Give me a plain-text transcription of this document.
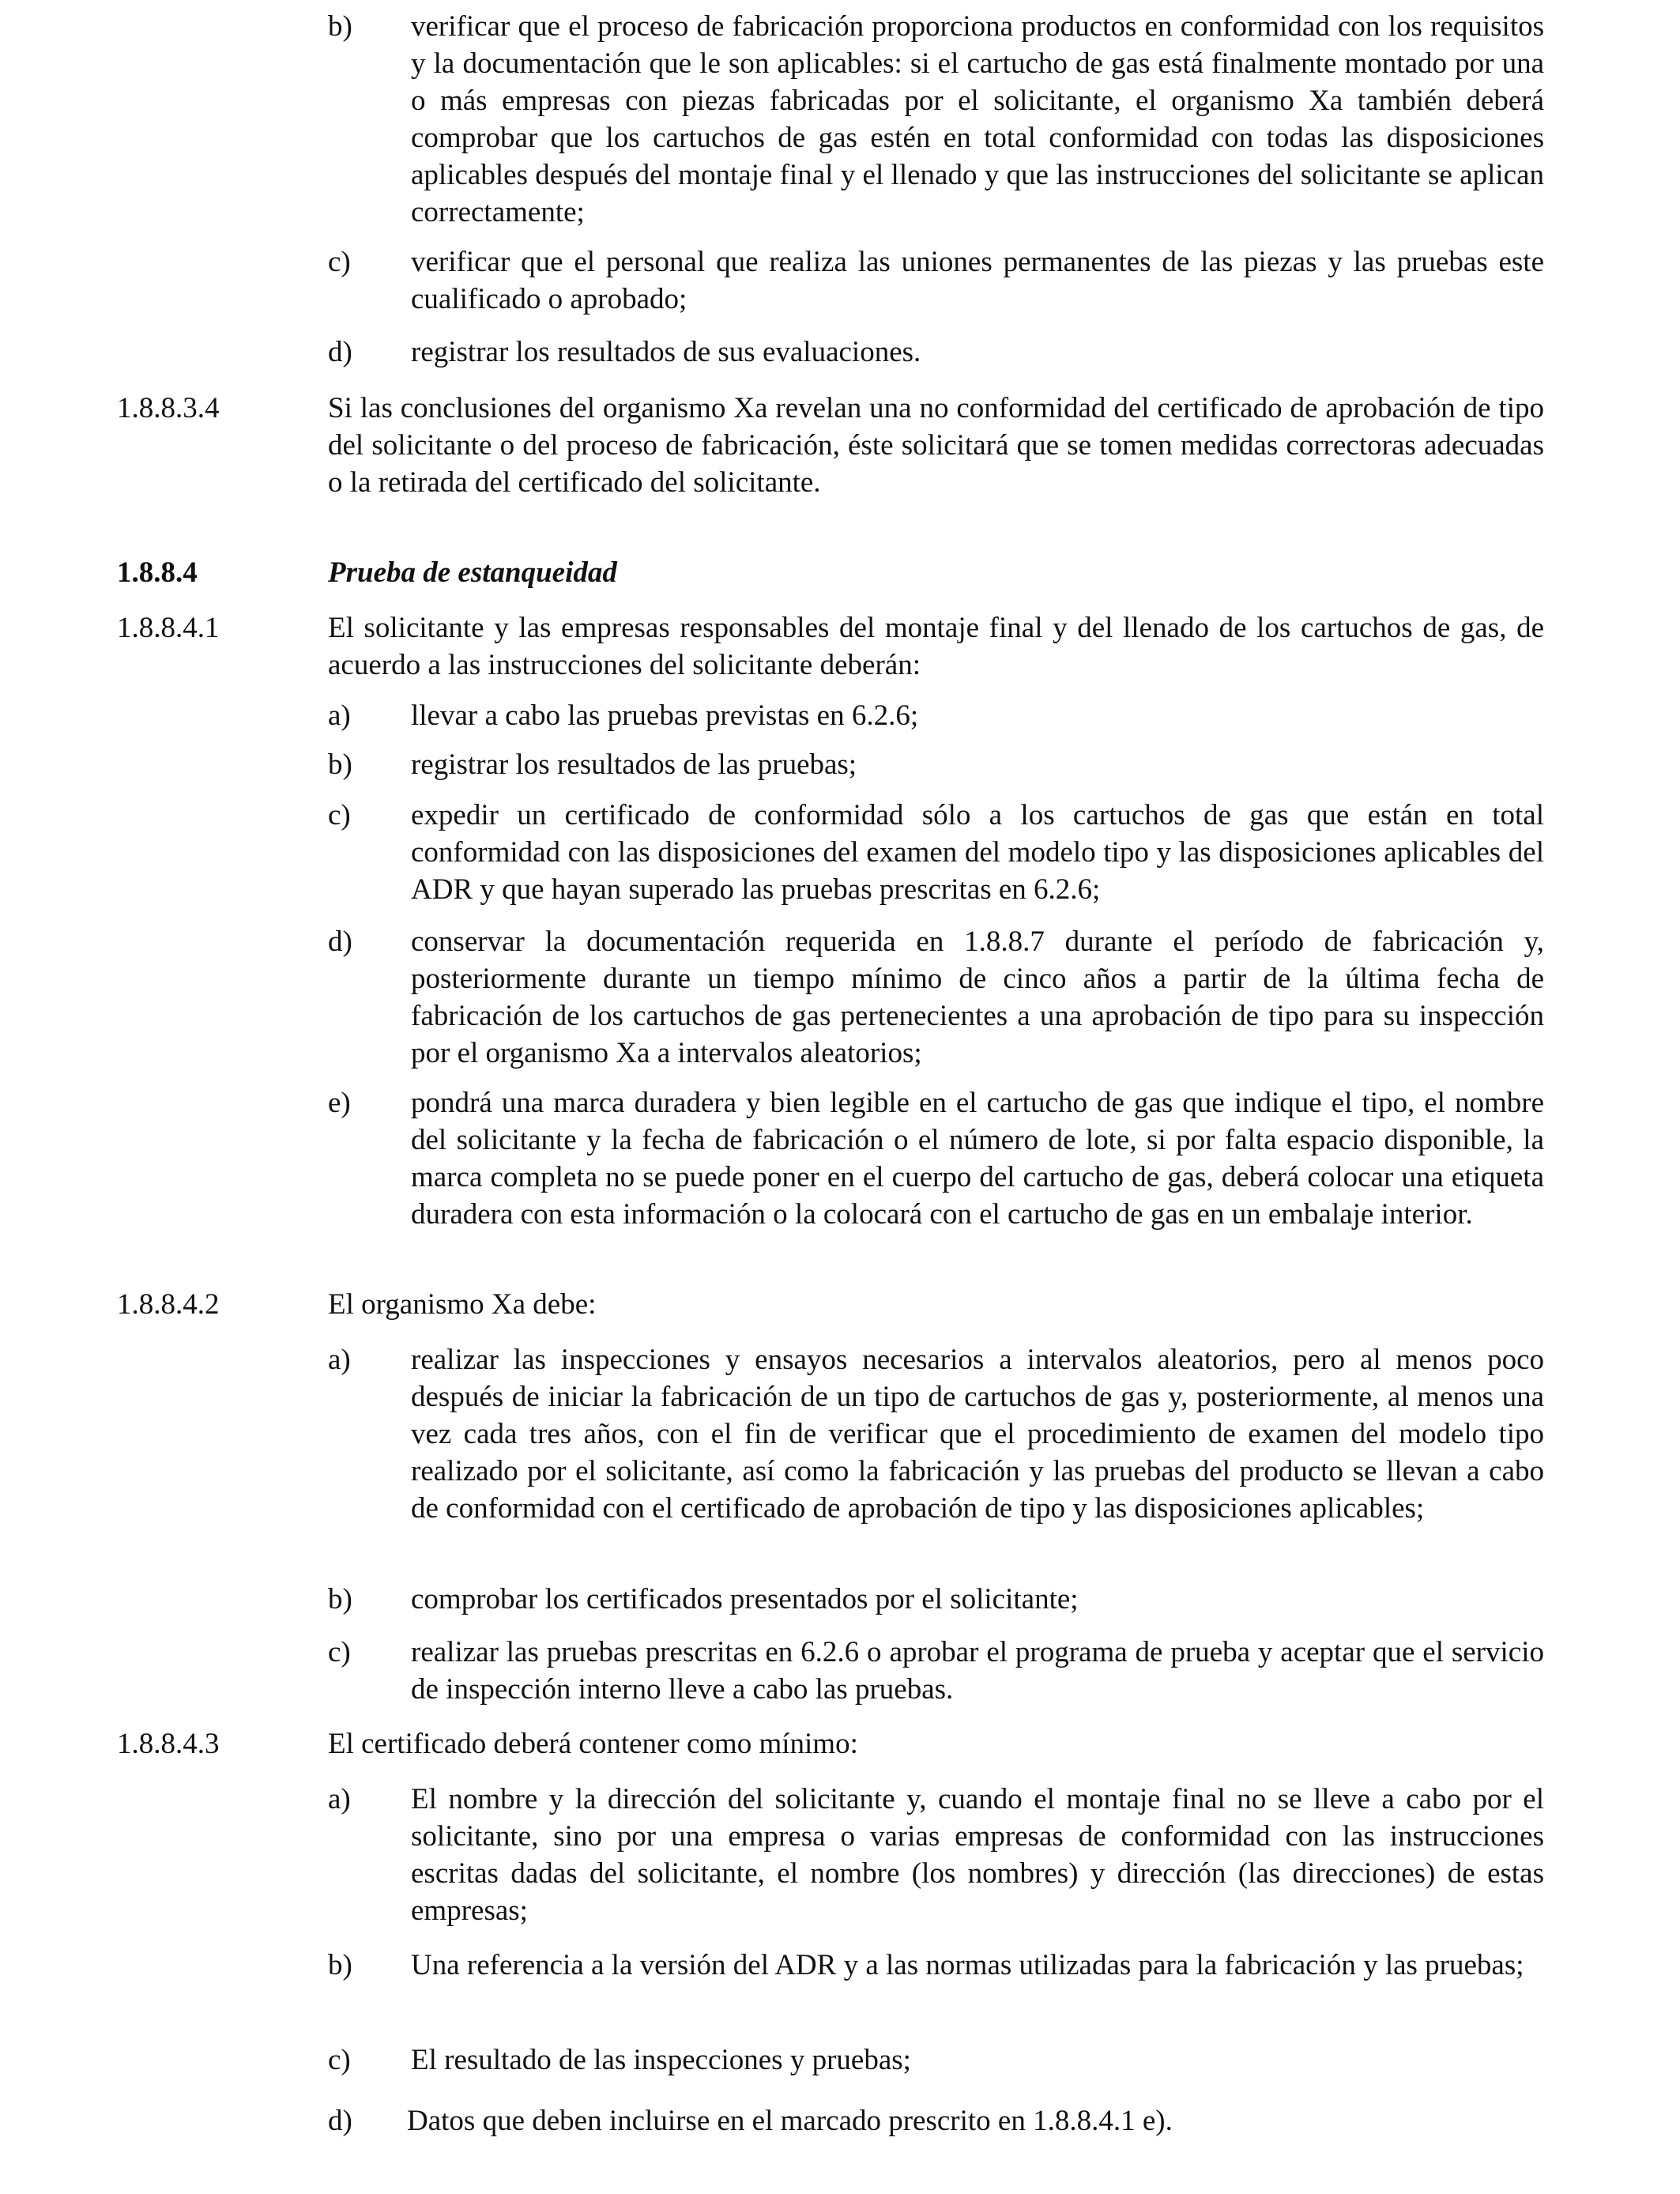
b)	verificar que el proceso de fabricación proporciona productos en conformidad con los requisitos y la documentación que le son aplicables: si el cartucho de gas está finalmente montado por una o más empresas con piezas fabricadas por el solicitante, el organismo Xa también deberá comprobar que los cartuchos de gas estén en total conformidad con todas las disposiciones aplicables después del montaje final y el llenado y que las instrucciones del solicitante se aplican correctamente;
c)	verificar que el personal que realiza las uniones permanentes de las piezas y las pruebas este cualificado o aprobado;
d)	registrar los resultados de sus evaluaciones.
1.8.8.3.4	Si las conclusiones del organismo Xa revelan una no conformidad del certificado de aprobación de tipo del solicitante o del proceso de fabricación, éste solicitará que se tomen medidas correctoras adecuadas o la retirada del certificado del solicitante.
1.8.8.4	Prueba de estanqueidad
1.8.8.4.1	El solicitante y las empresas responsables del montaje final y del llenado de los cartuchos de gas, de acuerdo a las instrucciones del solicitante deberán:
a)	llevar a cabo las pruebas previstas en 6.2.6;
b)	registrar los resultados de las pruebas;
c)	expedir un certificado de conformidad sólo a los cartuchos de gas que están en total conformidad con las disposiciones del examen del modelo tipo y las disposiciones aplicables del ADR y que hayan superado las pruebas prescritas en 6.2.6;
d)	conservar la documentación requerida en 1.8.8.7 durante el período de fabricación y, posteriormente durante un tiempo mínimo de cinco años a partir de la última fecha de fabricación de los cartuchos de gas pertenecientes a una aprobación de tipo para su inspección por el organismo Xa a intervalos aleatorios;
e)	pondrá una marca duradera y bien legible en el cartucho de gas que indique el tipo, el nombre del solicitante y la fecha de fabricación o el número de lote, si por falta espacio disponible, la marca completa no se puede poner en el cuerpo del cartucho de gas, deberá colocar una etiqueta duradera con esta información o la colocará con el cartucho de gas en un embalaje interior.
1.8.8.4.2	El organismo Xa debe:
a)	realizar las inspecciones y ensayos necesarios a intervalos aleatorios, pero al menos poco después de iniciar la fabricación de un tipo de cartuchos de gas y, posteriormente, al menos una vez cada tres años, con el fin de verificar que el procedimiento de examen del modelo tipo realizado por el solicitante, así como la fabricación y las pruebas del producto se llevan a cabo de conformidad con el certificado de aprobación de tipo y las disposiciones aplicables;
b)	comprobar los certificados presentados por el solicitante;
c)	realizar las pruebas prescritas en 6.2.6 o aprobar el programa de prueba y aceptar que el servicio de inspección interno lleve a cabo las pruebas.
1.8.8.4.3	El certificado deberá contener como mínimo:
a)	El nombre y la dirección del solicitante y, cuando el montaje final no se lleve a cabo por el solicitante, sino por una empresa o varias empresas de conformidad con las instrucciones escritas dadas del solicitante, el nombre (los nombres) y dirección (las direcciones) de estas empresas;
b)	Una referencia a la versión del ADR y a las normas utilizadas para la fabricación y las pruebas;
c)	El resultado de las inspecciones y pruebas;
d)	Datos que deben incluirse en el marcado prescrito en 1.8.8.4.1 e).
